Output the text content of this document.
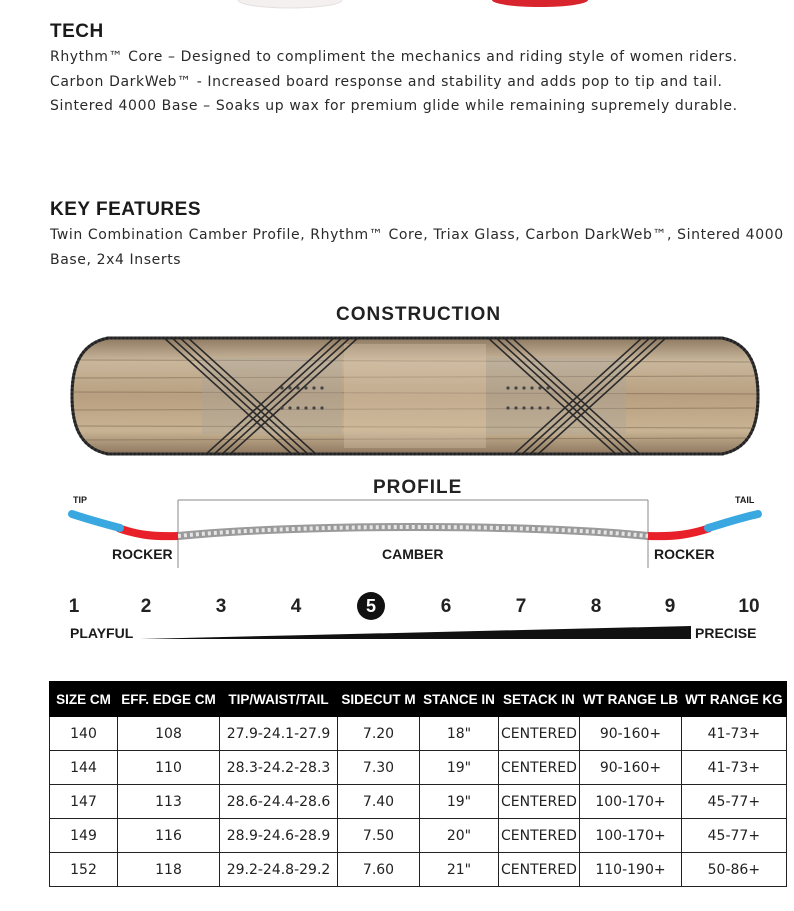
TECH
Rhythm™ Core – Designed to compliment the mechanics and riding style of women riders.
Carbon DarkWeb™ - Increased board response and stability and adds pop to tip and tail.
Sintered 4000 Base – Soaks up wax for premium glide while remaining supremely durable.
KEY FEATURES
Twin Combination Camber Profile, Rhythm™ Core, Triax Glass, Carbon DarkWeb™, Sintered 4000
Base, 2x4 Inserts
CONSTRUCTION
PROFILE
TIP	TAIL
ROCKER	CAMBER	ROCKER
1	2	3	4	5	6	7	8	9	10
PLAYFUL	PRECISE
SIZE CM	EFF. EDGE CM	TIP/WAIST/TAIL	SIDECUT M	STANCE IN	SETACK IN	WT RANGE LB	WT RANGE KG
140	108	27.9-24.1-27.9	7.20	18"	CENTERED	90-160+	41-73+
144	110	28.3-24.2-28.3	7.30	19"	CENTERED	90-160+	41-73+
147	113	28.6-24.4-28.6	7.40	19"	CENTERED	100-170+	45-77+
149	116	28.9-24.6-28.9	7.50	20"	CENTERED	100-170+	45-77+
152	118	29.2-24.8-29.2	7.60	21"	CENTERED	110-190+	50-86+
